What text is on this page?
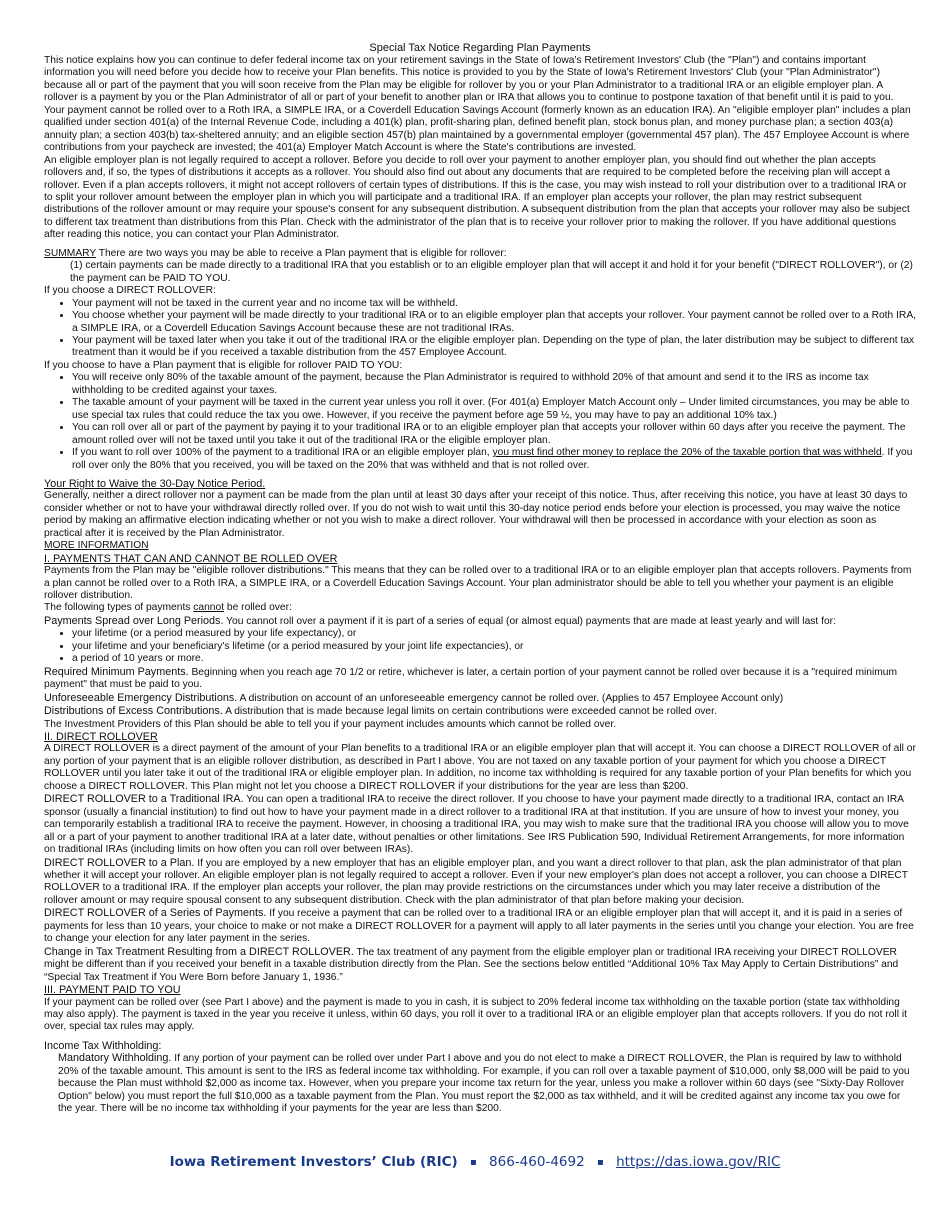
Special Tax Notice Regarding Plan Payments

This notice explains how you can continue to defer federal income tax on your retirement savings in the State of Iowa's Retirement Investors' Club (the "Plan") and contains important information you will need before you decide how to receive your Plan benefits. This notice is provided to you by the State of Iowa's Retirement Investors' Club (your "Plan Administrator") because all or part of the payment that you will soon receive from the Plan may be eligible for rollover by you or your Plan Administrator to a traditional IRA or an eligible employer plan. A rollover is a payment by you or the Plan Administrator of all or part of your benefit to another plan or IRA that allows you to continue to postpone taxation of that benefit until it is paid to you. Your payment cannot be rolled over to a Roth IRA, a SIMPLE IRA, or a Coverdell Education Savings Account (formerly known as an education IRA). An "eligible employer plan" includes a plan qualified under section 401(a) of the Internal Revenue Code, including a 401(k) plan, profit-sharing plan, defined benefit plan, stock bonus plan, and money purchase plan; a section 403(a) annuity plan; a section 403(b) tax-sheltered annuity; and an eligible section 457(b) plan maintained by a governmental employer (governmental 457 plan). The 457 Employee Account is where contributions from your paycheck are invested; the 401(a) Employer Match Account is where the State's contributions are invested.

An eligible employer plan is not legally required to accept a rollover. Before you decide to roll over your payment to another employer plan, you should find out whether the plan accepts rollovers and, if so, the types of distributions it accepts as a rollover. You should also find out about any documents that are required to be completed before the receiving plan will accept a rollover. Even if a plan accepts rollovers, it might not accept rollovers of certain types of distributions. If this is the case, you may wish instead to roll your distribution over to a traditional IRA or to split your rollover amount between the employer plan in which you will participate and a traditional IRA. If an employer plan accepts your rollover, the plan may restrict subsequent distributions of the rollover amount or may require your spouse's consent for any subsequent distribution. A subsequent distribution from the plan that accepts your rollover may also be subject to different tax treatment than distributions from this Plan. Check with the administrator of the plan that is to receive your rollover prior to making the rollover. If you have additional questions after reading this notice, you can contact your Plan Administrator.

SUMMARY There are two ways you may be able to receive a Plan payment that is eligible for rollover:

(1) certain payments can be made directly to a traditional IRA that you establish or to an eligible employer plan that will accept it and hold it for your benefit ("DIRECT ROLLOVER"), or (2) the payment can be PAID TO YOU.

If you choose a DIRECT ROLLOVER:

• Your payment will not be taxed in the current year and no income tax will be withheld.
• You choose whether your payment will be made directly to your traditional IRA or to an eligible employer plan that accepts your rollover. Your payment cannot be rolled over to a Roth IRA, a SIMPLE IRA, or a Coverdell Education Savings Account because these are not traditional IRAs.
• Your payment will be taxed later when you take it out of the traditional IRA or the eligible employer plan. Depending on the type of plan, the later distribution may be subject to different tax treatment than it would be if you received a taxable distribution from the 457 Employee Account.

If you choose to have a Plan payment that is eligible for rollover PAID TO YOU:

• You will receive only 80% of the taxable amount of the payment, because the Plan Administrator is required to withhold 20% of that amount and send it to the IRS as income tax withholding to be credited against your taxes.
• The taxable amount of your payment will be taxed in the current year unless you roll it over. (For 401(a) Employer Match Account only – Under limited circumstances, you may be able to use special tax rules that could reduce the tax you owe. However, if you receive the payment before age 59 ½, you may have to pay an additional 10% tax.)
• You can roll over all or part of the payment by paying it to your traditional IRA or to an eligible employer plan that accepts your rollover within 60 days after you receive the payment. The amount rolled over will not be taxed until you take it out of the traditional IRA or the eligible employer plan.
• If you want to roll over 100% of the payment to a traditional IRA or an eligible employer plan, you must find other money to replace the 20% of the taxable portion that was withheld. If you roll over only the 80% that you received, you will be taxed on the 20% that was withheld and that is not rolled over.

Your Right to Waive the 30-Day Notice Period.

Generally, neither a direct rollover nor a payment can be made from the plan until at least 30 days after your receipt of this notice. Thus, after receiving this notice, you have at least 30 days to consider whether or not to have your withdrawal directly rolled over. If you do not wish to wait until this 30-day notice period ends before your election is processed, you may waive the notice period by making an affirmative election indicating whether or not you wish to make a direct rollover. Your withdrawal will then be processed in accordance with your election as soon as practical after it is received by the Plan Administrator.

MORE INFORMATION

I. PAYMENTS THAT CAN AND CANNOT BE ROLLED OVER

Payments from the Plan may be "eligible rollover distributions." This means that they can be rolled over to a traditional IRA or to an eligible employer plan that accepts rollovers. Payments from a plan cannot be rolled over to a Roth IRA, a SIMPLE IRA, or a Coverdell Education Savings Account. Your plan administrator should be able to tell you whether your payment is an eligible rollover distribution.

The following types of payments cannot be rolled over:

Payments Spread over Long Periods. You cannot roll over a payment if it is part of a series of equal (or almost equal) payments that are made at least yearly and will last for:

• your lifetime (or a period measured by your life expectancy), or
• your lifetime and your beneficiary's lifetime (or a period measured by your joint life expectancies), or
• a period of 10 years or more.

Required Minimum Payments. Beginning when you reach age 70 1/2 or retire, whichever is later, a certain portion of your payment cannot be rolled over because it is a "required minimum payment" that must be paid to you.

Unforeseeable Emergency Distributions. A distribution on account of an unforeseeable emergency cannot be rolled over. (Applies to 457 Employee Account only)

Distributions of Excess Contributions. A distribution that is made because legal limits on certain contributions were exceeded cannot be rolled over.

The Investment Providers of this Plan should be able to tell you if your payment includes amounts which cannot be rolled over.

II. DIRECT ROLLOVER

A DIRECT ROLLOVER is a direct payment of the amount of your Plan benefits to a traditional IRA or an eligible employer plan that will accept it. You can choose a DIRECT ROLLOVER of all or any portion of your payment that is an eligible rollover distribution, as described in Part I above. You are not taxed on any taxable portion of your payment for which you choose a DIRECT ROLLOVER until you later take it out of the traditional IRA or eligible employer plan. In addition, no income tax withholding is required for any taxable portion of your Plan benefits for which you choose a DIRECT ROLLOVER. This Plan might not let you choose a DIRECT ROLLOVER if your distributions for the year are less than $200.

DIRECT ROLLOVER to a Traditional IRA. You can open a traditional IRA to receive the direct rollover. If you choose to have your payment made directly to a traditional IRA, contact an IRA sponsor (usually a financial institution) to find out how to have your payment made in a direct rollover to a traditional IRA at that institution. If you are unsure of how to invest your money, you can temporarily establish a traditional IRA to receive the payment. However, in choosing a traditional IRA, you may wish to make sure that the traditional IRA you choose will allow you to move all or a part of your payment to another traditional IRA at a later date, without penalties or other limitations. See IRS Publication 590, Individual Retirement Arrangements, for more information on traditional IRAs (including limits on how often you can roll over between IRAs).

DIRECT ROLLOVER to a Plan. If you are employed by a new employer that has an eligible employer plan, and you want a direct rollover to that plan, ask the plan administrator of that plan whether it will accept your rollover. An eligible employer plan is not legally required to accept a rollover. Even if your new employer's plan does not accept a rollover, you can choose a DIRECT ROLLOVER to a traditional IRA. If the employer plan accepts your rollover, the plan may provide restrictions on the circumstances under which you may later receive a distribution of the rollover amount or may require spousal consent to any subsequent distribution. Check with the plan administrator of that plan before making your decision.

DIRECT ROLLOVER of a Series of Payments. If you receive a payment that can be rolled over to a traditional IRA or an eligible employer plan that will accept it, and it is paid in a series of payments for less than 10 years, your choice to make or not make a DIRECT ROLLOVER for a payment will apply to all later payments in the series until you change your election. You are free to change your election for any later payment in the series.

Change in Tax Treatment Resulting from a DIRECT ROLLOVER. The tax treatment of any payment from the eligible employer plan or traditional IRA receiving your DIRECT ROLLOVER might be different than if you received your benefit in a taxable distribution directly from the Plan. See the sections below entitled “Additional 10% Tax May Apply to Certain Distributions” and “Special Tax Treatment if You Were Born before January 1, 1936.”

III. PAYMENT PAID TO YOU

If your payment can be rolled over (see Part I above) and the payment is made to you in cash, it is subject to 20% federal income tax withholding on the taxable portion (state tax withholding may also apply). The payment is taxed in the year you receive it unless, within 60 days, you roll it over to a traditional IRA or an eligible employer plan that accepts rollovers. If you do not roll it over, special tax rules may apply.

Income Tax Withholding:

Mandatory Withholding. If any portion of your payment can be rolled over under Part I above and you do not elect to make a DIRECT ROLLOVER, the Plan is required by law to withhold 20% of the taxable amount. This amount is sent to the IRS as federal income tax withholding. For example, if you can roll over a taxable payment of $10,000, only $8,000 will be paid to you because the Plan must withhold $2,000 as income tax. However, when you prepare your income tax return for the year, unless you make a rollover within 60 days (see "Sixty-Day Rollover Option" below) you must report the full $10,000 as a taxable payment from the Plan. You must report the $2,000 as tax withheld, and it will be credited against any income tax you owe for the year. There will be no income tax withholding if your payments for the year are less than $200.

Iowa Retirement Investors’ Club (RIC) ▪ 866-460-4692 ▪ https://das.iowa.gov/RIC
